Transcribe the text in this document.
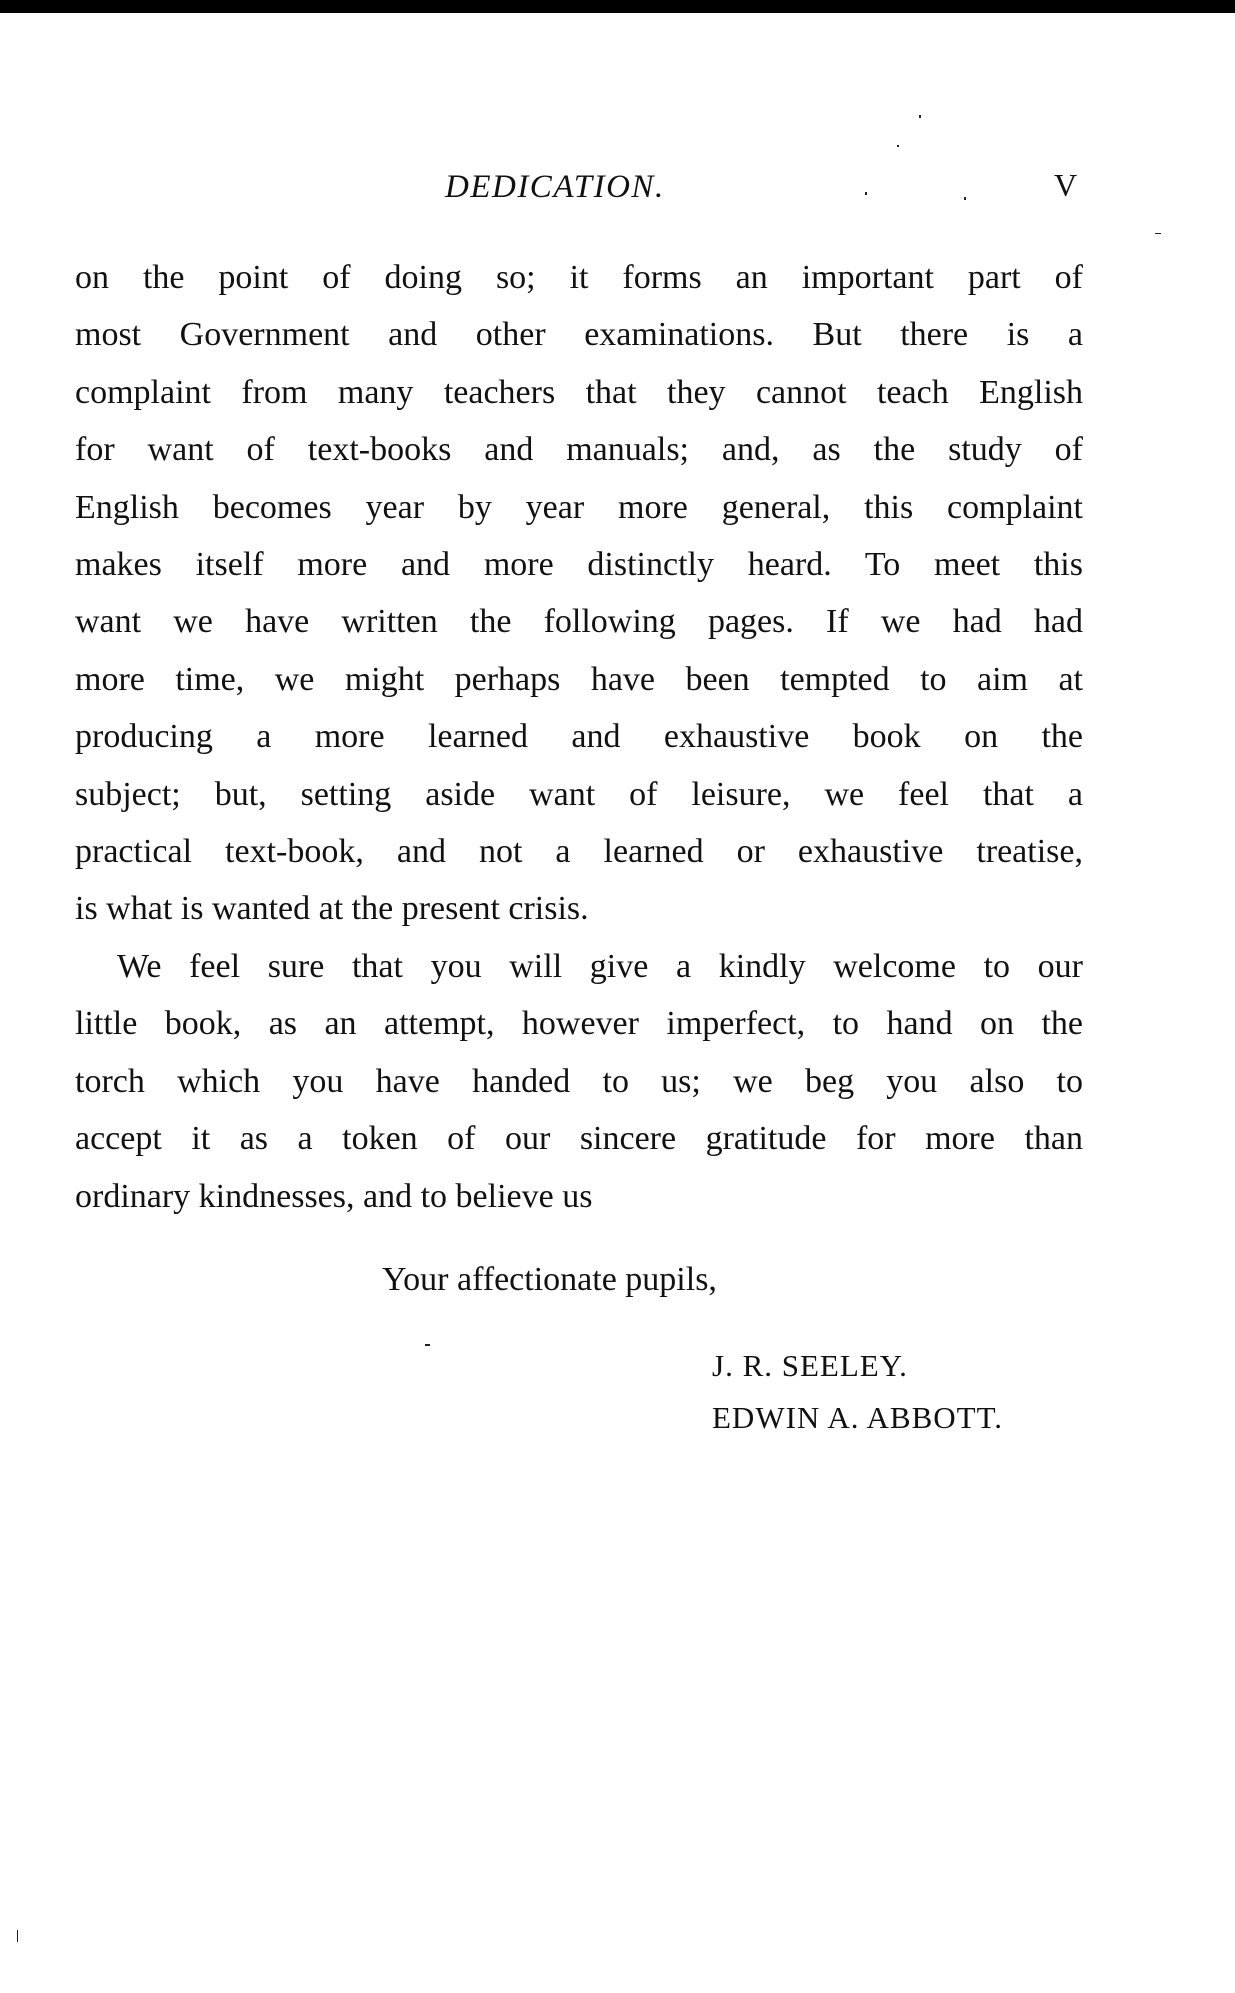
DEDICATION.	V

on the point of doing so; it forms an important part of
most Government and other examinations. But there is a
complaint from many teachers that they cannot teach English
for want of text-books and manuals; and, as the study of
English becomes year by year more general, this complaint
makes itself more and more distinctly heard. To meet this
want we have written the following pages. If we had had
more time, we might perhaps have been tempted to aim at
producing a more learned and exhaustive book on the
subject; but, setting aside want of leisure, we feel that a
practical text-book, and not a learned or exhaustive treatise,
is what is wanted at the present crisis.

We feel sure that you will give a kindly welcome to our
little book, as an attempt, however imperfect, to hand on the
torch which you have handed to us; we beg you also to
accept it as a token of our sincere gratitude for more than
ordinary kindnesses, and to believe us

Your affectionate pupils,
J. R. SEELEY.
EDWIN A. ABBOTT.
